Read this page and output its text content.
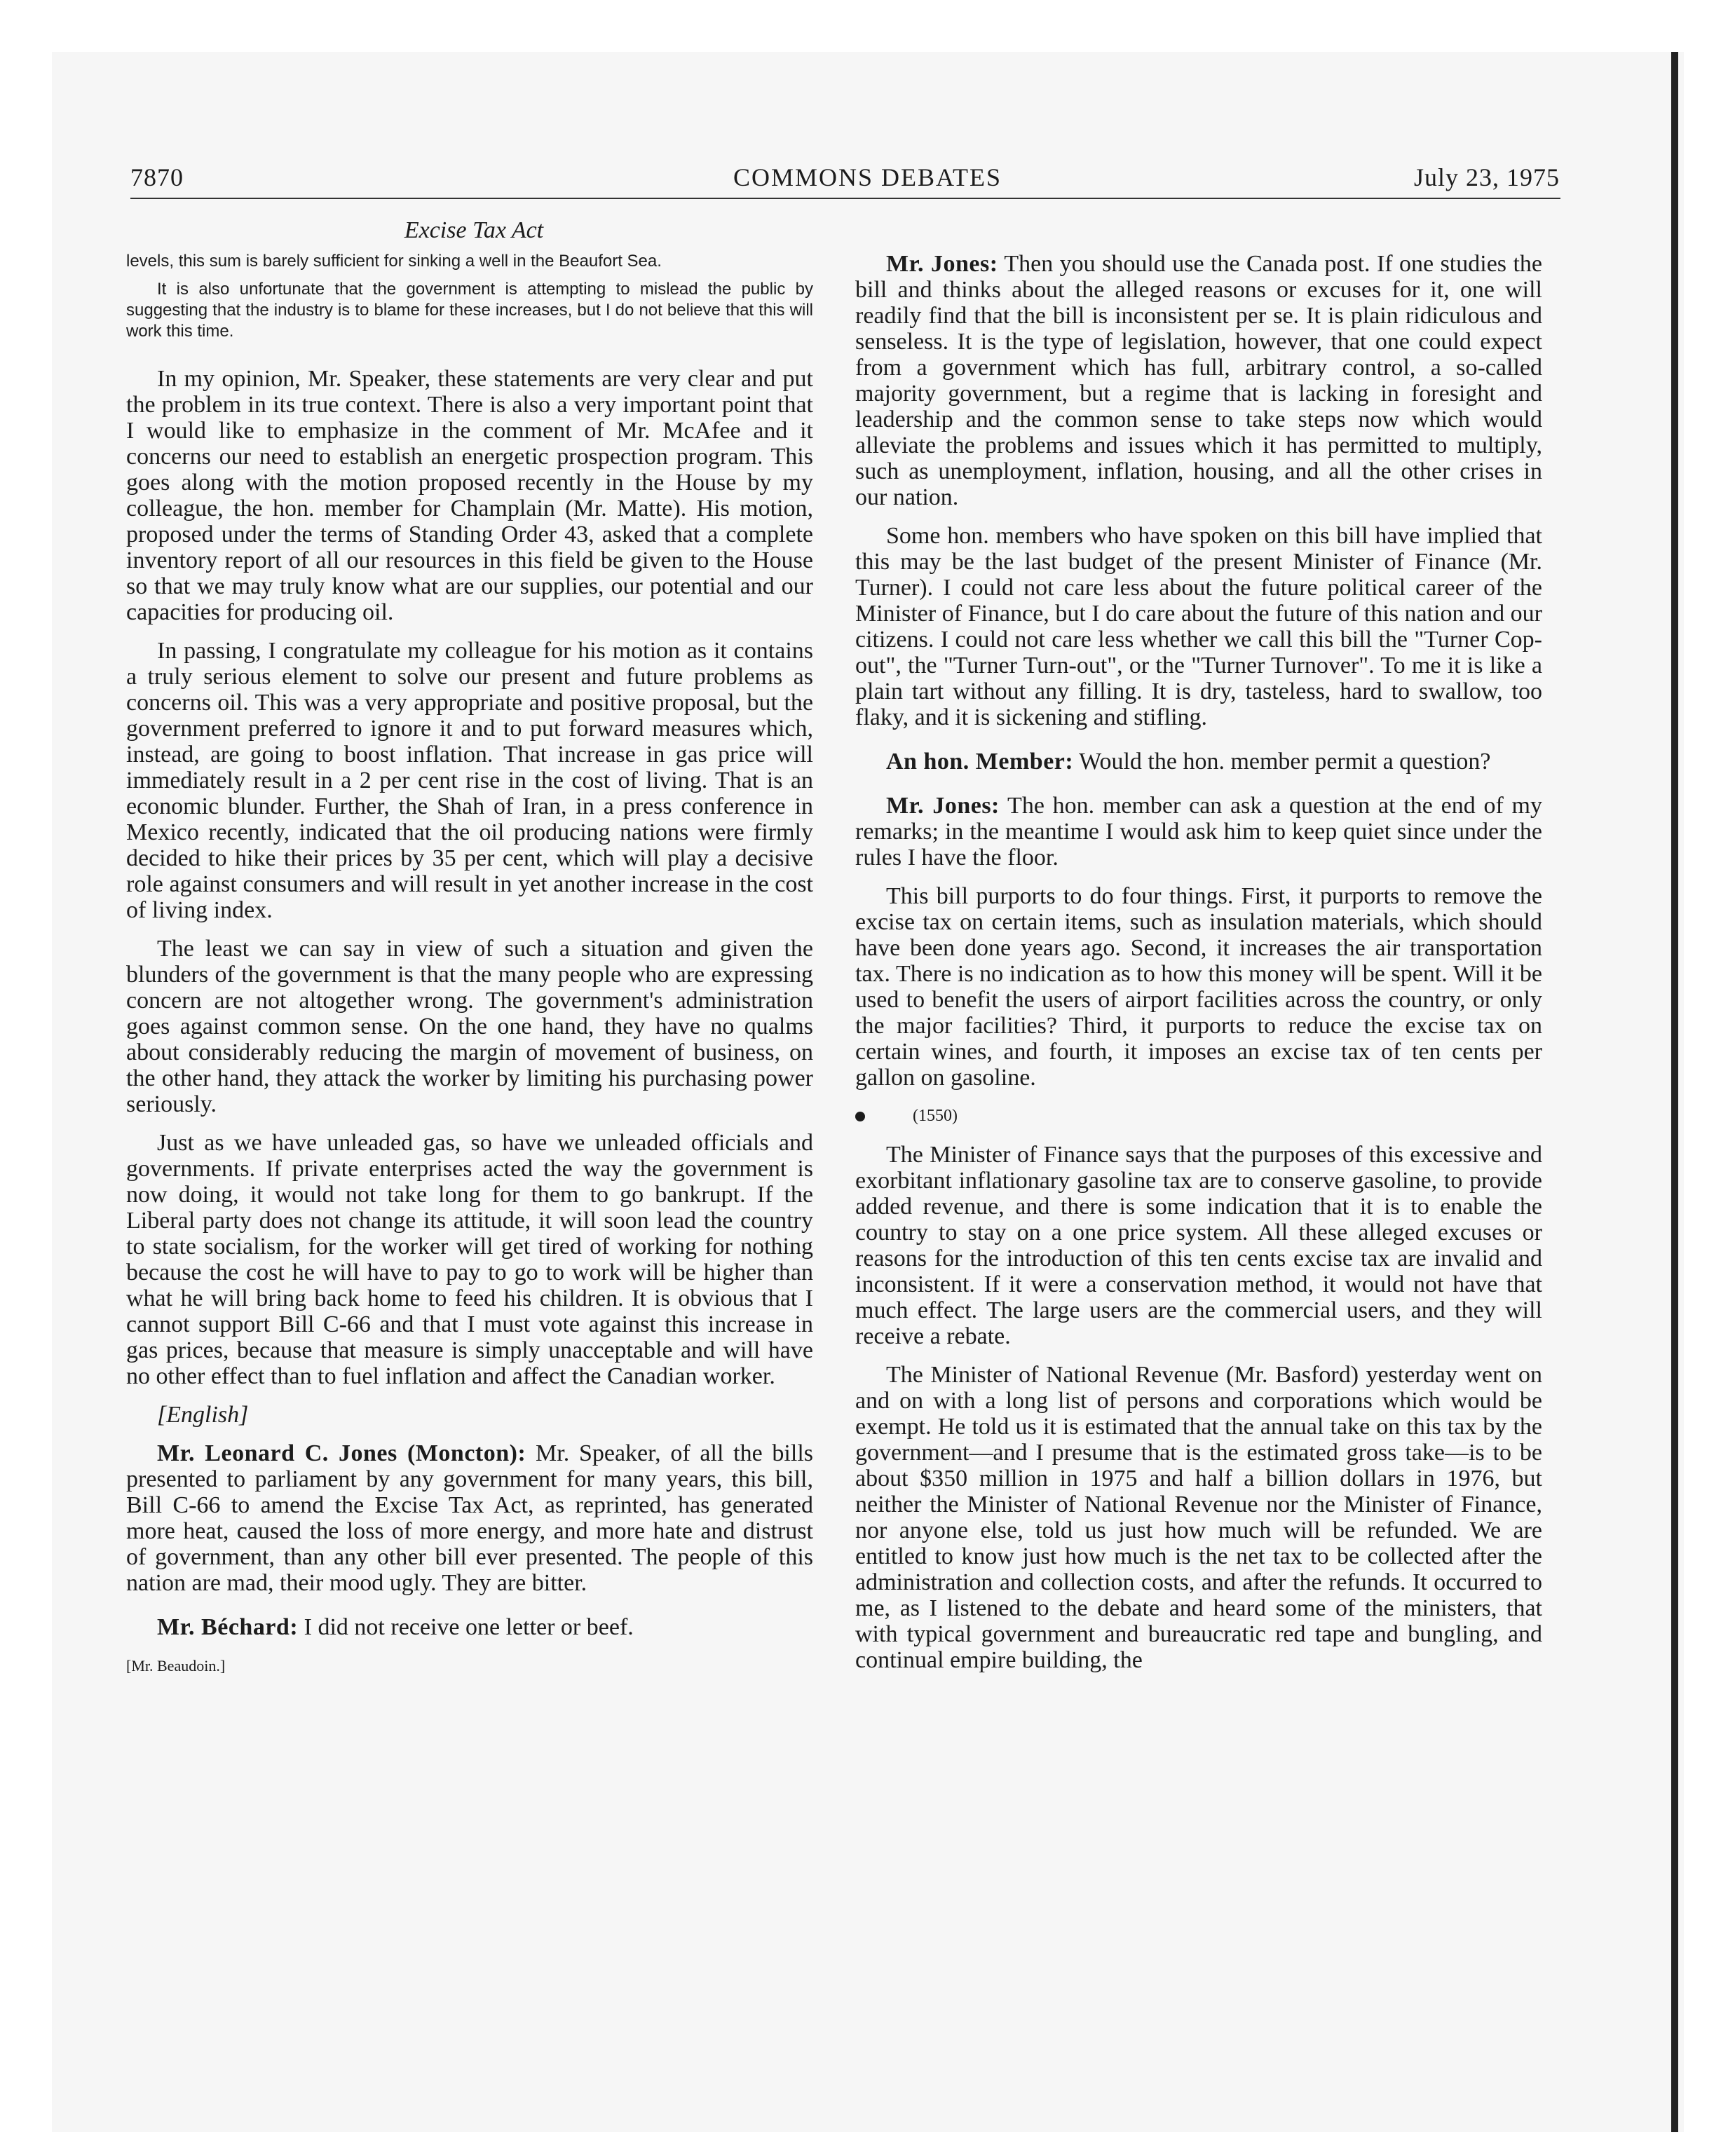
7870	COMMONS DEBATES	July 23, 1975
Excise Tax Act

levels, this sum is barely sufficient for sinking a well in the Beaufort Sea.

It is also unfortunate that the government is attempting to mislead the public by suggesting that the industry is to blame for these increases, but I do not believe that this will work this time.

In my opinion, Mr. Speaker, these statements are very clear and put the problem in its true context. There is also a very important point that I would like to emphasize in the comment of Mr. McAfee and it concerns our need to establish an energetic prospection program. This goes along with the motion proposed recently in the House by my colleague, the hon. member for Champlain (Mr. Matte). His motion, proposed under the terms of Standing Order 43, asked that a complete inventory report of all our resources in this field be given to the House so that we may truly know what are our supplies, our potential and our capacities for producing oil.

In passing, I congratulate my colleague for his motion as it contains a truly serious element to solve our present and future problems as concerns oil. This was a very appropriate and positive proposal, but the government preferred to ignore it and to put forward measures which, instead, are going to boost inflation. That increase in gas price will immediately result in a 2 per cent rise in the cost of living. That is an economic blunder. Further, the Shah of Iran, in a press conference in Mexico recently, indicated that the oil producing nations were firmly decided to hike their prices by 35 per cent, which will play a decisive role against consumers and will result in yet another increase in the cost of living index.

The least we can say in view of such a situation and given the blunders of the government is that the many people who are expressing concern are not altogether wrong. The government's administration goes against common sense. On the one hand, they have no qualms about considerably reducing the margin of movement of business, on the other hand, they attack the worker by limiting his purchasing power seriously.

Just as we have unleaded gas, so have we unleaded officials and governments. If private enterprises acted the way the government is now doing, it would not take long for them to go bankrupt. If the Liberal party does not change its attitude, it will soon lead the country to state socialism, for the worker will get tired of working for nothing because the cost he will have to pay to go to work will be higher than what he will bring back home to feed his children. It is obvious that I cannot support Bill C-66 and that I must vote against this increase in gas prices, because that measure is simply unacceptable and will have no other effect than to fuel inflation and affect the Canadian worker.

[English]

Mr. Leonard C. Jones (Moncton): Mr. Speaker, of all the bills presented to parliament by any government for many years, this bill, Bill C-66 to amend the Excise Tax Act, as reprinted, has generated more heat, caused the loss of more energy, and more hate and distrust of government, than any other bill ever presented. The people of this nation are mad, their mood ugly. They are bitter.

Mr. Béchard: I did not receive one letter or beef.

[Mr. Beaudoin.]

Mr. Jones: Then you should use the Canada post. If one studies the bill and thinks about the alleged reasons or excuses for it, one will readily find that the bill is inconsistent per se. It is plain ridiculous and senseless. It is the type of legislation, however, that one could expect from a government which has full, arbitrary control, a so-called majority government, but a regime that is lacking in foresight and leadership and the common sense to take steps now which would alleviate the problems and issues which it has permitted to multiply, such as unemployment, inflation, housing, and all the other crises in our nation.

Some hon. members who have spoken on this bill have implied that this may be the last budget of the present Minister of Finance (Mr. Turner). I could not care less about the future political career of the Minister of Finance, but I do care about the future of this nation and our citizens. I could not care less whether we call this bill the "Turner Cop-out", the "Turner Turn-out", or the "Turner Turnover". To me it is like a plain tart without any filling. It is dry, tasteless, hard to swallow, too flaky, and it is sickening and stifling.

An hon. Member: Would the hon. member permit a question?

Mr. Jones: The hon. member can ask a question at the end of my remarks; in the meantime I would ask him to keep quiet since under the rules I have the floor.

This bill purports to do four things. First, it purports to remove the excise tax on certain items, such as insulation materials, which should have been done years ago. Second, it increases the air transportation tax. There is no indication as to how this money will be spent. Will it be used to benefit the users of airport facilities across the country, or only the major facilities? Third, it purports to reduce the excise tax on certain wines, and fourth, it imposes an excise tax of ten cents per gallon on gasoline.

(1550)

The Minister of Finance says that the purposes of this excessive and exorbitant inflationary gasoline tax are to conserve gasoline, to provide added revenue, and there is some indication that it is to enable the country to stay on a one price system. All these alleged excuses or reasons for the introduction of this ten cents excise tax are invalid and inconsistent. If it were a conservation method, it would not have that much effect. The large users are the commercial users, and they will receive a rebate.

The Minister of National Revenue (Mr. Basford) yesterday went on and on with a long list of persons and corporations which would be exempt. He told us it is estimated that the annual take on this tax by the government—and I presume that is the estimated gross take—is to be about $350 million in 1975 and half a billion dollars in 1976, but neither the Minister of National Revenue nor the Minister of Finance, nor anyone else, told us just how much will be refunded. We are entitled to know just how much is the net tax to be collected after the administration and collection costs, and after the refunds. It occurred to me, as I listened to the debate and heard some of the ministers, that with typical government and bureaucratic red tape and bungling, and continual empire building, the
